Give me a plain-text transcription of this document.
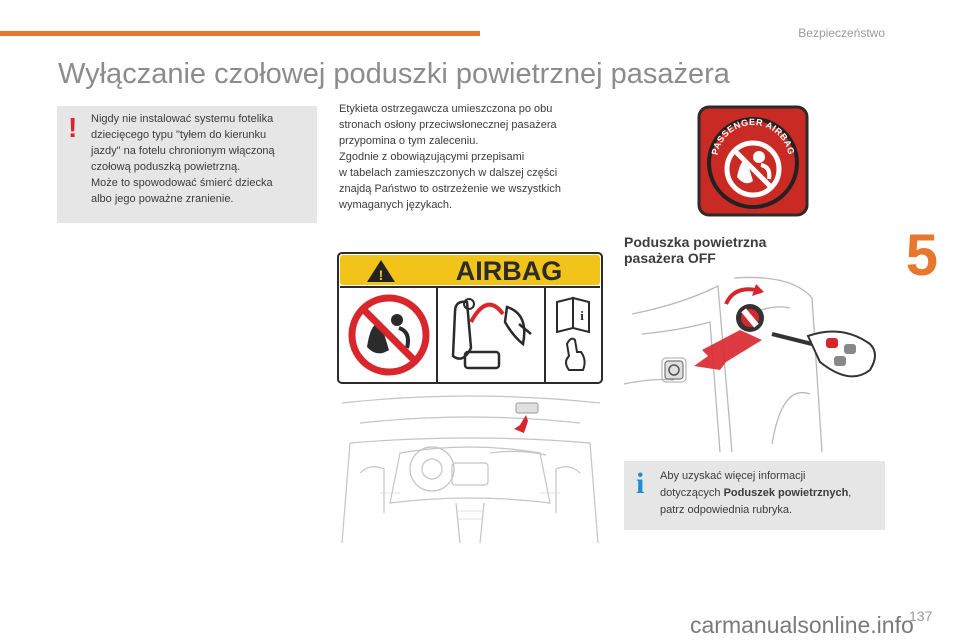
Bezpieczeństwo
Wyłączanie czołowej poduszki powietrznej pasażera
5
! Nigdy nie instalować systemu fotelika
dziecięcego typu "tyłem do kierunku
jazdy" na fotelu chronionym włączoną
czołową poduszką powietrzną.
Może to spowodować śmierć dziecka
albo jego poważne zranienie.
Etykieta ostrzegawcza umieszczona po obu
stronach osłony przeciwsłonecznej pasażera
przypomina o tym zaleceniu.
Zgodnie z obowiązującymi przepisami
w tabelach zamieszczonych w dalszej części
znajdą Państwo to ostrzeżenie we wszystkich
wymaganych językach.
PASSENGER AIRBAG
!	AIRBAG
i
Poduszka powietrzna
pasażera OFF
i Aby uzyskać więcej informacji
dotyczących Poduszek powietrznych,
patrz odpowiednia rubryka.
137
carmanualsonline.info
